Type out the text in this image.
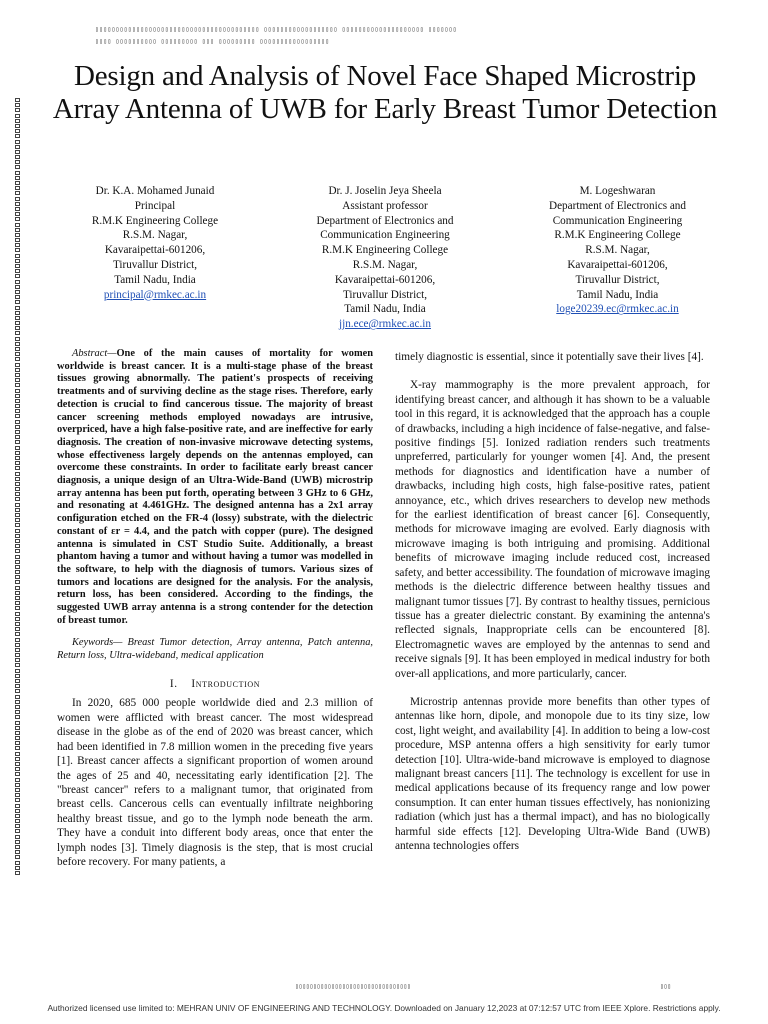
▯▯▯▯▯▯▯▯▯▯▯▯▯▯▯▯▯▯▯▯▯▯▯▯▯▯▯▯▯▯▯▯▯▯▯▯▯▯▯▯ ▯▯▯▯▯▯▯▯▯▯▯▯▯▯▯▯▯▯ ▯▯▯▯▯▯▯▯▯▯▯▯▯▯▯▯▯▯▯▯ ▯▯▯▯▯▯▯
▯▯▯▯ ▯▯▯▯▯▯▯▯▯▯ ▯▯▯▯▯▯▯▯▯ ▯▯▯ ▯▯▯▯▯▯▯▯▯ ▯▯▯▯▯▯▯▯▯▯▯▯▯▯▯▯▯
Design and Analysis of Novel Face Shaped Microstrip Array Antenna of UWB for Early Breast Tumor Detection
Dr. K.A. Mohamed Junaid
Principal
R.M.K Engineering College
R.S.M. Nagar,
Kavaraipettai-601206,
Tiruvallur District,
Tamil Nadu, India
principal@rmkec.ac.in
Dr. J. Joselin Jeya Sheela
Assistant professor
Department of Electronics and
Communication Engineering
R.M.K Engineering College
R.S.M. Nagar,
Kavaraipettai-601206,
Tiruvallur District,
Tamil Nadu, India
jjn.ece@rmkec.ac.in
M. Logeshwaran
Department of Electronics and
Communication Engineering
R.M.K Engineering College
R.S.M. Nagar,
Kavaraipettai-601206,
Tiruvallur District,
Tamil Nadu, India
loge20239.ec@rmkec.ac.in

Abstract—One of the main causes of mortality for women worldwide is breast cancer. It is a multi-stage phase of the breast tissues growing abnormally. The patient's prospects of receiving treatments and of surviving decline as the stage rises. Therefore, early detection is crucial to find cancerous tissue. The majority of breast cancer screening methods employed nowadays are intrusive, overpriced, have a high false-positive rate, and are ineffective for early diagnosis. The creation of non-invasive microwave detecting systems, whose effectiveness largely depends on the antennas employed, can overcome these constraints. In order to facilitate early breast cancer diagnosis, a unique design of an Ultra-Wide-Band (UWB) microstrip array antenna has been put forth, operating between 3 GHz to 6 GHz, and resonating at 4.461GHz. The designed antenna has a 2x1 array configuration etched on the FR-4 (lossy) substrate, with the dielectric constant of εr = 4.4, and the patch with copper (pure). The designed antenna is simulated in CST Studio Suite. Additionally, a breast phantom having a tumor and without having a tumor was modelled in the software, to help with the diagnosis of tumors. Various sizes of tumors and locations are designed for the analysis. For the analysis, return loss, has been considered. According to the findings, the suggested UWB array antenna is a strong contender for the detection of breast tumor.

Keywords— Breast Tumor detection, Array antenna, Patch antenna, Return loss, Ultra-wideband, medical application

I. Introduction

In 2020, 685 000 people worldwide died and 2.3 million of women were afflicted with breast cancer. The most widespread disease in the globe as of the end of 2020 was breast cancer, which had been identified in 7.8 million women in the preceding five years [1]. Breast cancer affects a significant proportion of women around the ages of 25 and 40, necessitating early identification [2]. The "breast cancer" refers to a malignant tumor, that originated from breast cells. Cancerous cells can eventually infiltrate neighboring healthy breast tissue, and go to the lymph node beneath the arm. They have a conduit into different body areas, once that enter the lymph nodes [3]. Timely diagnosis is the step, that is most crucial before recovery. For many patients, a

timely diagnostic is essential, since it potentially save their lives [4].

X-ray mammography is the more prevalent approach, for identifying breast cancer, and although it has shown to be a valuable tool in this regard, it is acknowledged that the approach has a couple of drawbacks, including a high incidence of false-negative, and false-positive findings [5]. Ionized radiation renders such treatments unpreferred, particularly for younger women [4]. And, the present methods for diagnostics and identification have a number of drawbacks, including high costs, high false-positive rates, patient annoyance, etc., which drives researchers to develop new methods for the earliest identification of breast cancer [6]. Consequently, methods for microwave imaging are evolved. Early diagnosis with microwave imaging is both intriguing and promising. Additional benefits of microwave imaging include reduced cost, increased safety, and better accessibility. The foundation of microwave imaging methods is the dielectric difference between healthy tissues and malignant tumor tissues [7]. By contrast to healthy tissues, pernicious tissue has a greater dielectric constant. By examining the antenna's reflected signals, Inappropriate cells can be encountered [8]. Electromagnetic waves are employed by the antennas to send and receive signals [9]. It has been employed in medical industry for both over-all applications, and more particularly, cancer.

Microstrip antennas provide more benefits than other types of antennas like horn, dipole, and monopole due to its tiny size, low cost, light weight, and availability [4]. In addition to being a low-cost procedure, MSP antenna offers a high sensitivity for early tumor detection [10]. Ultra-wide-band microwave is employed to diagnose malignant breast cancers [11]. The technology is excellent for use in medical applications because of its frequency range and low power consumption. It can enter human tissues effectively, has nonionizing radiation (which just has a thermal impact), and has no biologically harmful side effects [12]. Developing Ultra-Wide Band (UWB) antenna technologies offers

▯▯▯▯▯▯▯▯▯▯▯▯▯▯▯▯▯▯▯▯▯▯▯▯▯▯▯▯▯▯▯▯	▯▯▯
Authorized licensed use limited to: MEHRAN UNIV OF ENGINEERING AND TECHNOLOGY. Downloaded on January 12,2023 at 07:12:57 UTC from IEEE Xplore. Restrictions apply.
